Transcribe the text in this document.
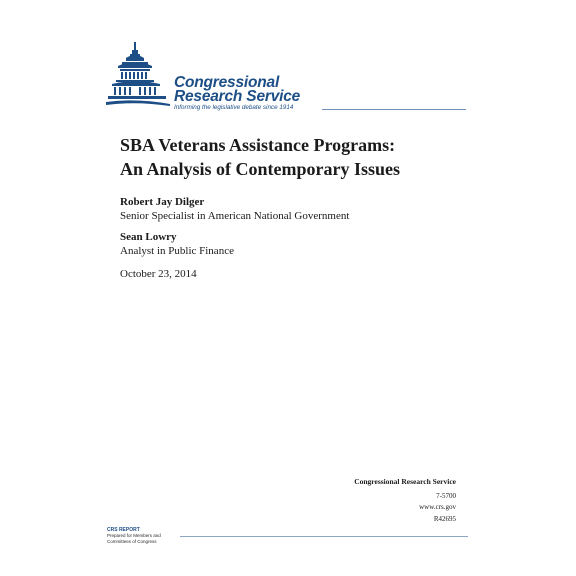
Congressional
Research Service
Informing the legislative debate since 1914
SBA Veterans Assistance Programs:
An Analysis of Contemporary Issues
Robert Jay Dilger
Senior Specialist in American National Government
Sean Lowry
Analyst in Public Finance
October 23, 2014
Congressional Research Service
7-5700
www.crs.gov
R42695
CRS REPORT
Prepared for Members and
Committees of Congress
